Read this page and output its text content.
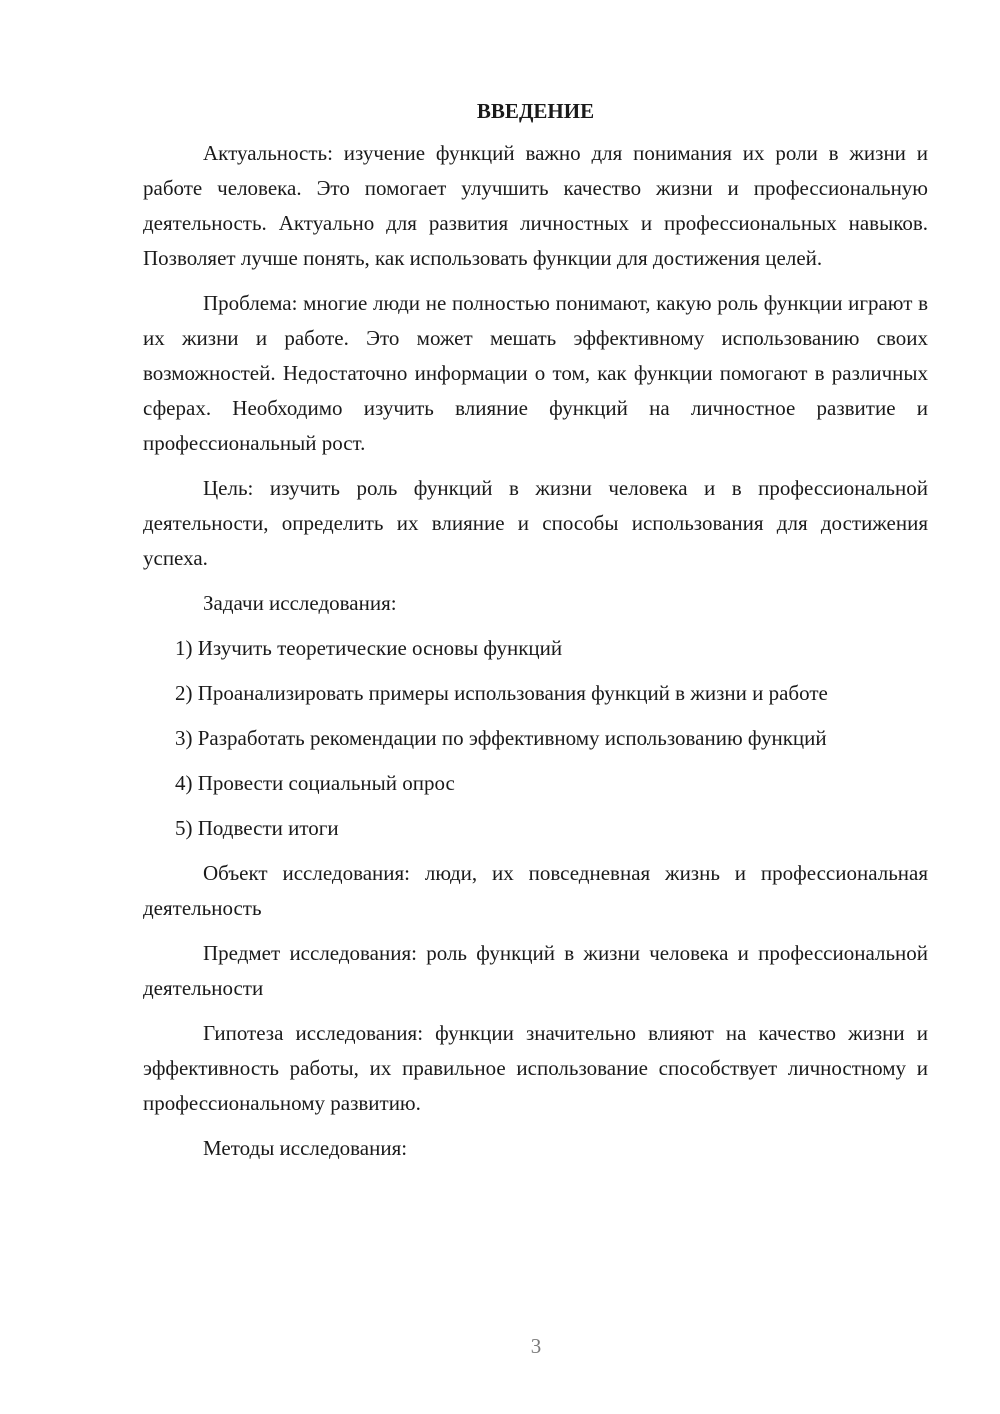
ВВЕДЕНИЕ

Актуальность: изучение функций важно для понимания их роли в жизни и работе человека. Это помогает улучшить качество жизни и профессиональную деятельность. Актуально для развития личностных и профессиональных навыков. Позволяет лучше понять, как использовать функции для достижения целей.

Проблема: многие люди не полностью понимают, какую роль функции играют в их жизни и работе. Это может мешать эффективному использованию своих возможностей. Недостаточно информации о том, как функции помогают в различных сферах. Необходимо изучить влияние функций на личностное развитие и профессиональный рост.

Цель: изучить роль функций в жизни человека и в профессиональной деятельности, определить их влияние и способы использования для достижения успеха.

Задачи исследования:

1) Изучить теоретические основы функций

2) Проанализировать примеры использования функций в жизни и работе

3) Разработать рекомендации по эффективному использованию функций

4) Провести социальный опрос

5) Подвести итоги

Объект исследования: люди, их повседневная жизнь и профессиональная деятельность

Предмет исследования: роль функций в жизни человека и профессиональной деятельности

Гипотеза исследования: функции значительно влияют на качество жизни и эффективность работы, их правильное использование способствует личностному и профессиональному развитию.

Методы исследования:

3
